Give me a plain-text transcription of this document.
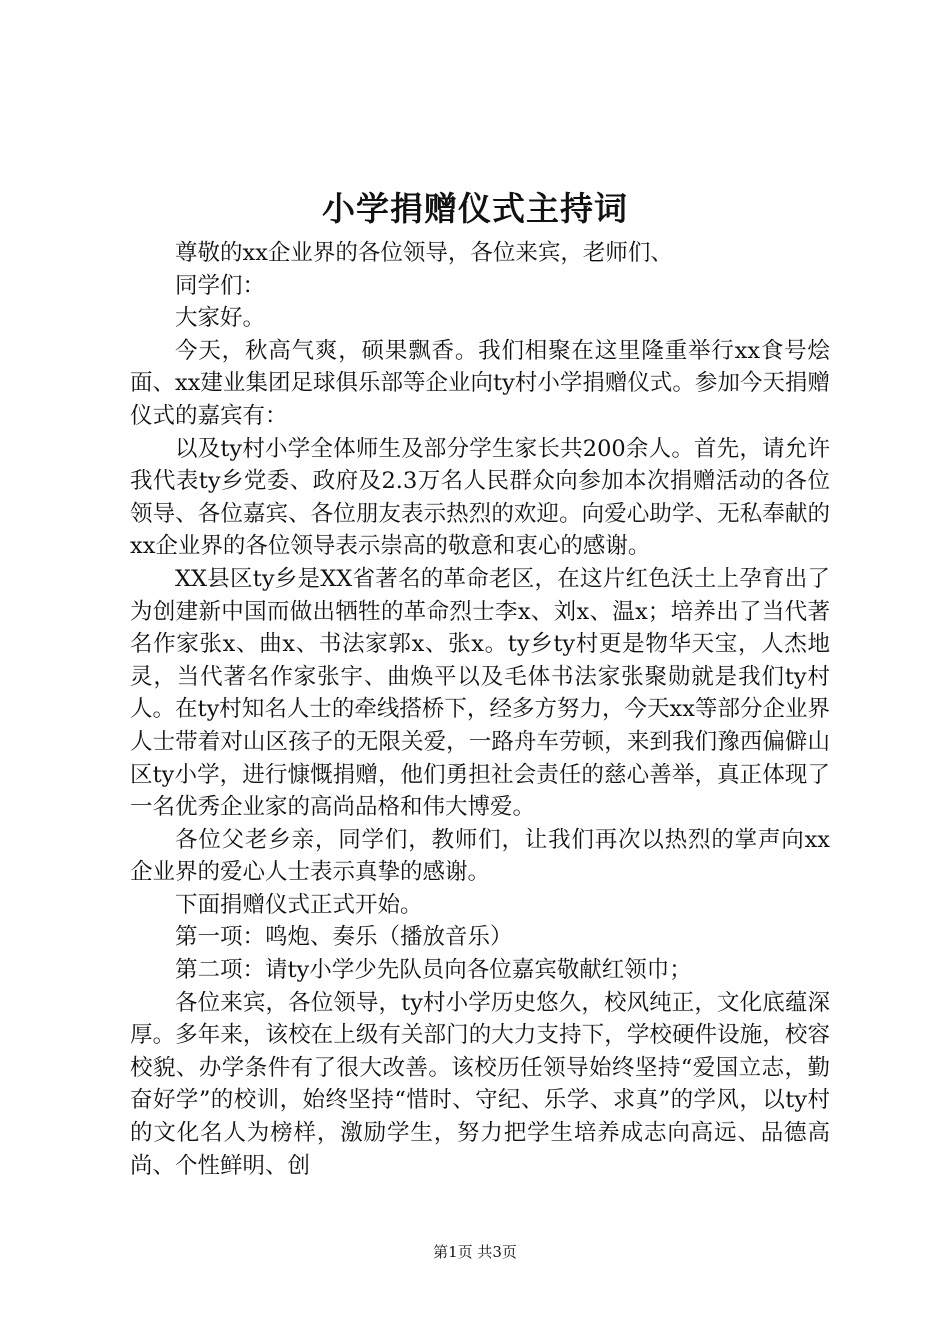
小学捐赠仪式主持词

尊敬的xx企业界的各位领导，各位来宾，老师们、

同学们：

大家好。

今天，秋高气爽，硕果飘香。我们相聚在这里隆重举行xx食号烩面、xx建业集团足球俱乐部等企业向ty村小学捐赠仪式。参加今天捐赠仪式的嘉宾有：

以及ty村小学全体师生及部分学生家长共200余人。首先，请允许我代表ty乡党委、政府及2.3万名人民群众向参加本次捐赠活动的各位领导、各位嘉宾、各位朋友表示热烈的欢迎。向爱心助学、无私奉献的xx企业界的各位领导表示崇高的敬意和衷心的感谢。

XX县区ty乡是XX省著名的革命老区，在这片红色沃土上孕育出了为创建新中国而做出牺牲的革命烈士李x、刘x、温x；培养出了当代著名作家张x、曲x、书法家郭x、张x。ty乡ty村更是物华天宝，人杰地灵，当代著名作家张宇、曲焕平以及毛体书法家张聚勋就是我们ty村人。在ty村知名人士的牵线搭桥下，经多方努力，今天xx等部分企业界人士带着对山区孩子的无限关爱，一路舟车劳顿，来到我们豫西偏僻山区ty小学，进行慷慨捐赠，他们勇担社会责任的慈心善举，真正体现了一名优秀企业家的高尚品格和伟大博爱。

各位父老乡亲，同学们，教师们，让我们再次以热烈的掌声向xx企业界的爱心人士表示真挚的感谢。

下面捐赠仪式正式开始。

第一项：鸣炮、奏乐（播放音乐）

第二项：请ty小学少先队员向各位嘉宾敬献红领巾；

各位来宾，各位领导，ty村小学历史悠久，校风纯正，文化底蕴深厚。多年来，该校在上级有关部门的大力支持下，学校硬件设施，校容校貌、办学条件有了很大改善。该校历任领导始终坚持“爱国立志，勤奋好学”的校训，始终坚持“惜时、守纪、乐学、求真”的学风，以ty村的文化名人为榜样，激励学生，努力把学生培养成志向高远、品德高尚、个性鲜明、创

第1页 共3页
